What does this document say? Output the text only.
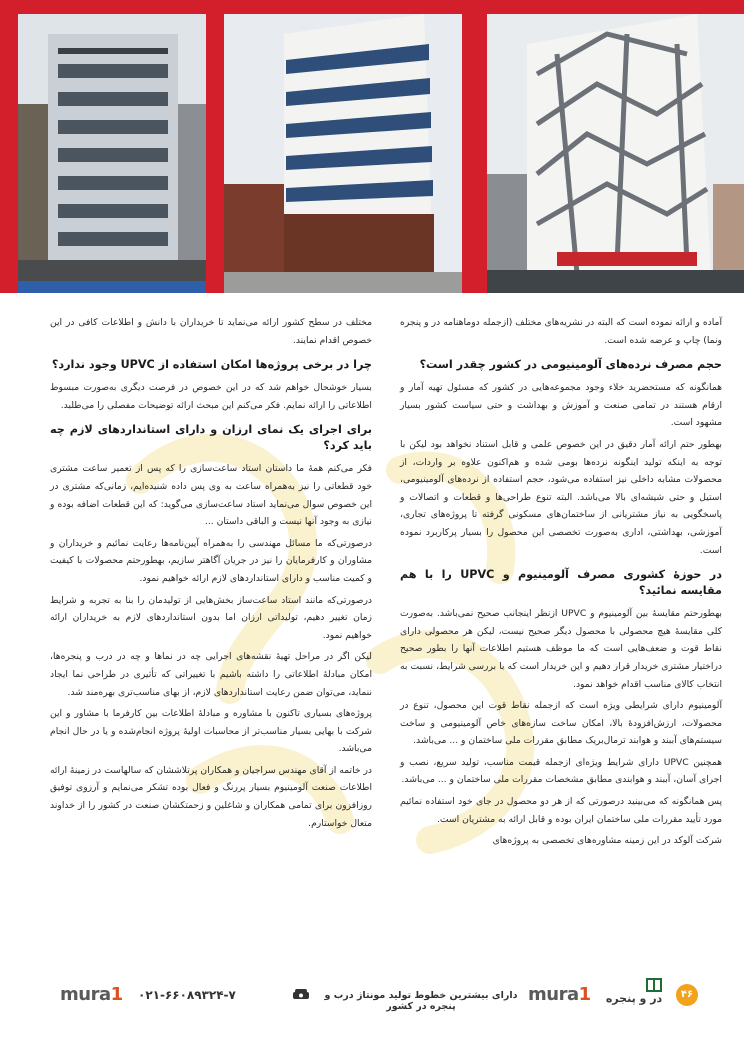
آماده و ارائه نموده است که البته در نشریه‌های مختلف (ازجمله دوماهنامه در و پنجره ونما) چاپ و عرضه شده است.

حجم مصرف نرده‌های آلومینیومی در کشور چقدر است؟

همانگونه که مستحضرید خلاء وجود مجموعه‌هایی در کشور که مسئول تهیه آمار و ارقام هستند در تمامی صنعت و آموزش و بهداشت و حتی سیاست کشور بسیار مشهود است.

بهطور حتم ارائه آمار دقیق در این خصوص علمی و قابل استناد نخواهد بود لیکن با توجه به اینکه تولید اینگونه نرده‌ها بومی شده و هم‌اکنون علاوه بر واردات، از محصولات مشابه داخلی نیز استفاده می‌شود، حجم استفاده از نرده‌های آلومینیومی، استیل و حتی شیشه‌ای بالا می‌باشد. البته تنوع طراحی‌ها و قطعات و اتصالات و پاسخگویی به نیاز مشتریانی از ساختمان‌های مسکونی گرفته تا پروژه‌های تجاری، آموزشی، بهداشتی، اداری به‌صورت تخصصی این محصول را بسیار پرکاربرد نموده است.

در حوزۀ کشوری مصرف آلومینیوم و UPVC را با هم مقایسه نمائید؟

بهطورحتم مقایسۀ بین آلومینیوم و UPVC ازنظر اینجانب صحیح نمی‌باشد. به‌صورت کلی مقایسۀ هیچ محصولی با محصول دیگر صحیح نیست، لیکن هر محصولی دارای نقاط قوت و ضعف‌هایی است که ما موظف هستیم اطلاعات آنها را بطور صحیح دراختیار مشتری خریدار قرار دهیم و این خریدار است که با بررسی شرایط، نسبت به انتخاب کالای مناسب اقدام خواهد نمود.

آلومینیوم دارای شرایطی ویژه است که ازجمله نقاط قوت این محصول، تنوع در محصولات، ارزش‌افزودۀ بالا، امکان ساخت سازه‌های خاص آلومینیومی و ساخت سیستم‌های آببند و هوابند ترمال‌بریک مطابق مقررات ملی ساختمان و ... می‌باشد.

همچنین UPVC دارای شرایط ویژه‌ای ازجمله قیمت مناسب، تولید سریع، نصب و اجرای آسان، آببند و هوابندی مطابق مشخصات مقررات ملی ساختمان و ... می‌باشد.

پس همانگونه که می‌بینید درصورتی که از هر دو محصول در جای خود استفاده نمائیم مورد تأیید مقررات ملی ساختمان ایران بوده و قابل ارائه به مشتریان است.

شرکت آلوکد در این زمینه مشاوره‌های تخصصی به پروژه‌های

مختلف در سطح کشور ارائه می‌نماید تا خریداران با دانش و اطلاعات کافی در این خصوص اقدام نمایند.

چرا در برخی پروژه‌ها امکان استفاده از UPVC وجود ندارد؟

بسیار خوشحال خواهم شد که در این خصوص در فرصت دیگری به‌صورت مبسوط اطلاعاتی را ارائه نمایم. فکر می‌کنم این مبحث ارائه توضیحات مفصلی را می‌طلبد.

برای اجرای یک نمای ارزان و دارای استانداردهای لازم چه باید کرد؟

فکر می‌کنم همۀ ما داستان استاد ساعت‌سازی را که پس از تعمیر ساعت مشتری خود قطعاتی را نیز به‌همراه ساعت به وی پس داده شنیده‌ایم، زمانی‌که مشتری در این خصوص سوال می‌نماید استاد ساعت‌سازی می‌گوید: که این قطعات اضافه بوده و نیازی به وجود آنها نیست و الباقی داستان ...

درصورتی‌که ما مسائل مهندسی را به‌همراه آیین‌نامه‌ها رعایت نمائیم و خریداران و مشاوران و کارفرمایان را نیز در جریان آگاهتر سازیم، بهطورحتم محصولات با کیفیت و کمیت مناسب و دارای استانداردهای لازم ارائه خواهیم نمود.

درصورتی‌که مانند استاد ساعت‌ساز بخش‌هایی از تولیدمان را بنا به تجربه و شرایط زمان تغییر دهیم، تولیداتی ارزان اما بدون استانداردهای لازم به خریداران ارائه خواهیم نمود.

لیکن اگر در مراحل تهیۀ نقشه‌های اجرایی چه در نماها و چه در درب و پنجره‌ها، امکان مبادلۀ اطلاعاتی را داشته باشیم با تغییراتی که تأثیری در طراحی نما ایجاد ننماید، می‌توان ضمن رعایت استانداردهای لازم، از بهای مناسب‌تری بهره‌مند شد.

پروژه‌های بسیاری تاکنون با مشاوره و مبادلۀ اطلاعات بین کارفرما با مشاور و این شرکت با بهایی بسیار مناسب‌تر از محاسبات اولیۀ پروژه انجام‌شده و یا در حال انجام می‌باشد.

در خاتمه از آقای مهندس سراجیان و همکاران پرتلاششان که سالهاست در زمینۀ ارائه اطلاعات صنعت آلومینیوم بسیار پررنگ و فعال بوده تشکر می‌نمایم و آرزوی توفیق روزافزون برای تمامی همکاران و شاغلین و زحمتکشان صنعت در کشور را از خداوند متعال خواستارم.

mura1 ۰۲۱-۶۶۰۸۹۳۲۴-۷	دارای بیشترین خطوط تولید مونتاژ درب و پنجره در کشور
mura1 در و پنجره	۴۶
